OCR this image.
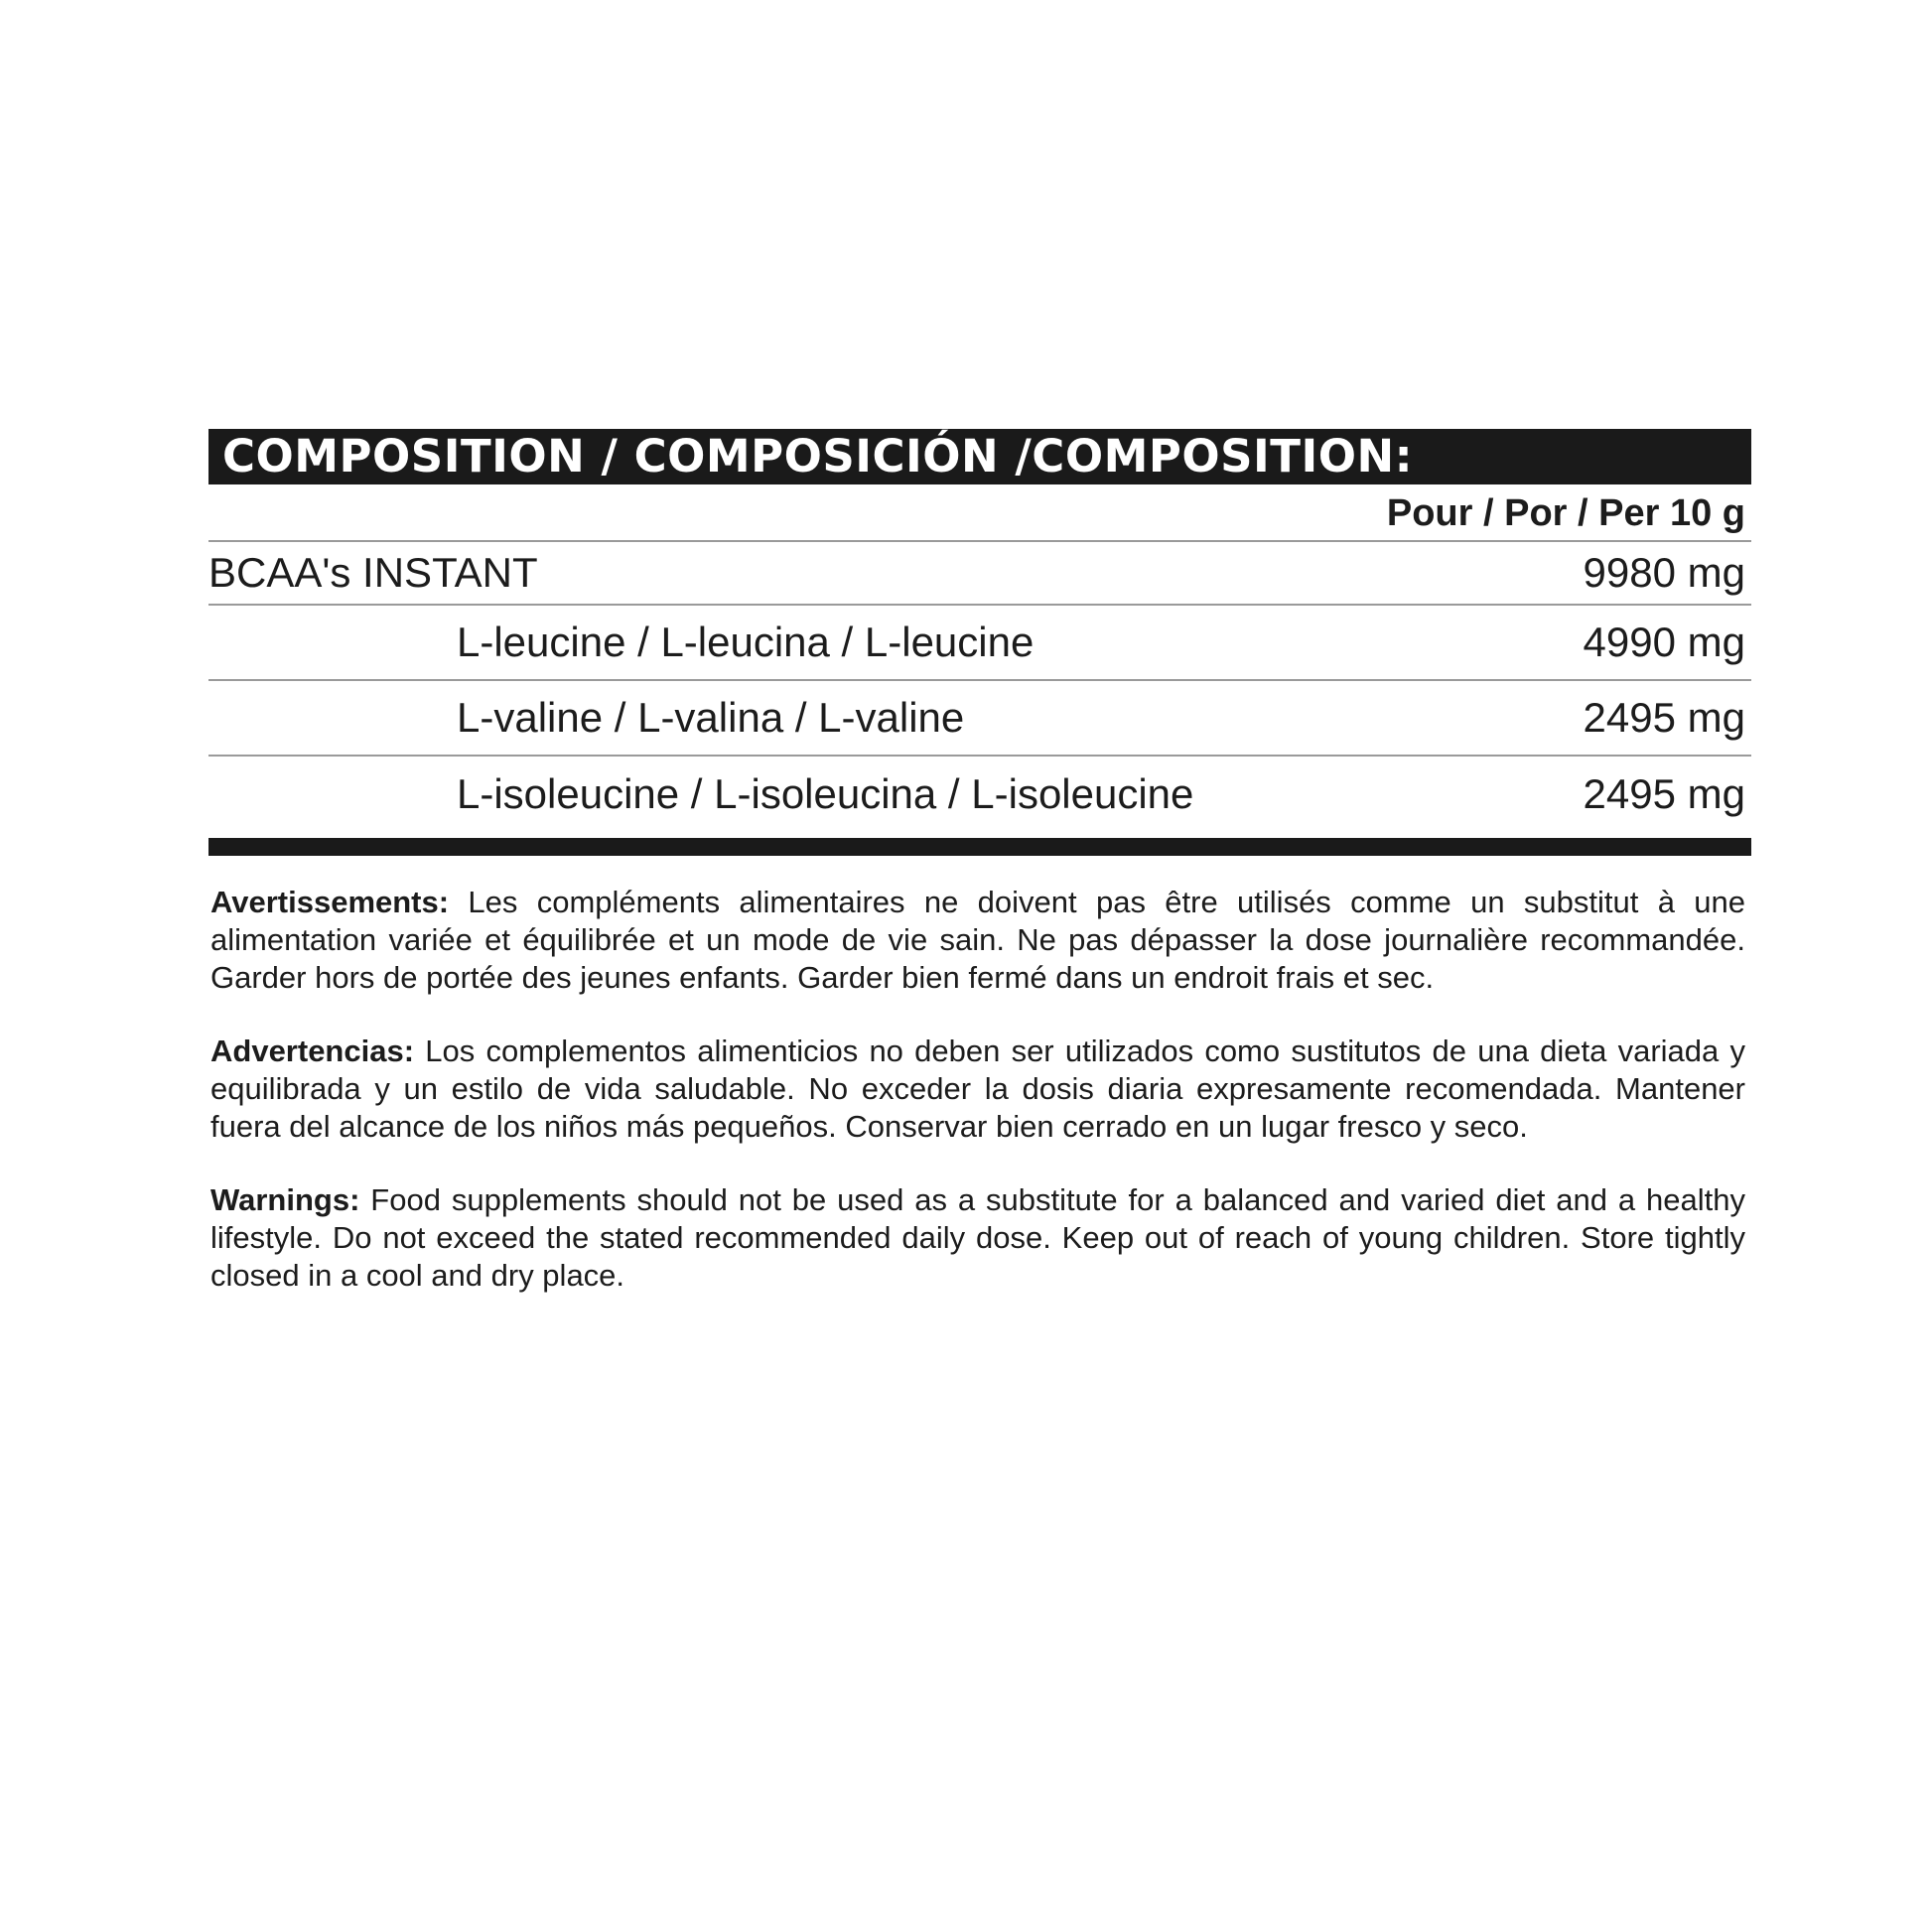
COMPOSITION / COMPOSICIÓN /COMPOSITION:
Pour / Por / Per 10 g
BCAA's INSTANT	9980 mg
L-leucine / L-leucina / L-leucine	4990 mg
L-valine / L-valina / L-valine	2495 mg
L-isoleucine / L-isoleucina / L-isoleucine	2495 mg

Avertissements: Les compléments alimentaires ne doivent pas être utilisés comme un substitut à une alimentation variée et équilibrée et un mode de vie sain. Ne pas dépasser la dose journalière recommandée. Garder hors de portée des jeunes enfants. Garder bien fermé dans un endroit frais et sec.

Advertencias: Los complementos alimenticios no deben ser utilizados como sustitutos de una dieta variada y equilibrada y un estilo de vida saludable. No exceder la dosis diaria expresamente recomendada. Mantener fuera del alcance de los niños más pequeños. Conservar bien cerrado en un lugar fresco y seco.

Warnings: Food supplements should not be used as a substitute for a balanced and varied diet and a healthy lifestyle. Do not exceed the stated recommended daily dose. Keep out of reach of young children. Store tightly closed in a cool and dry place.
